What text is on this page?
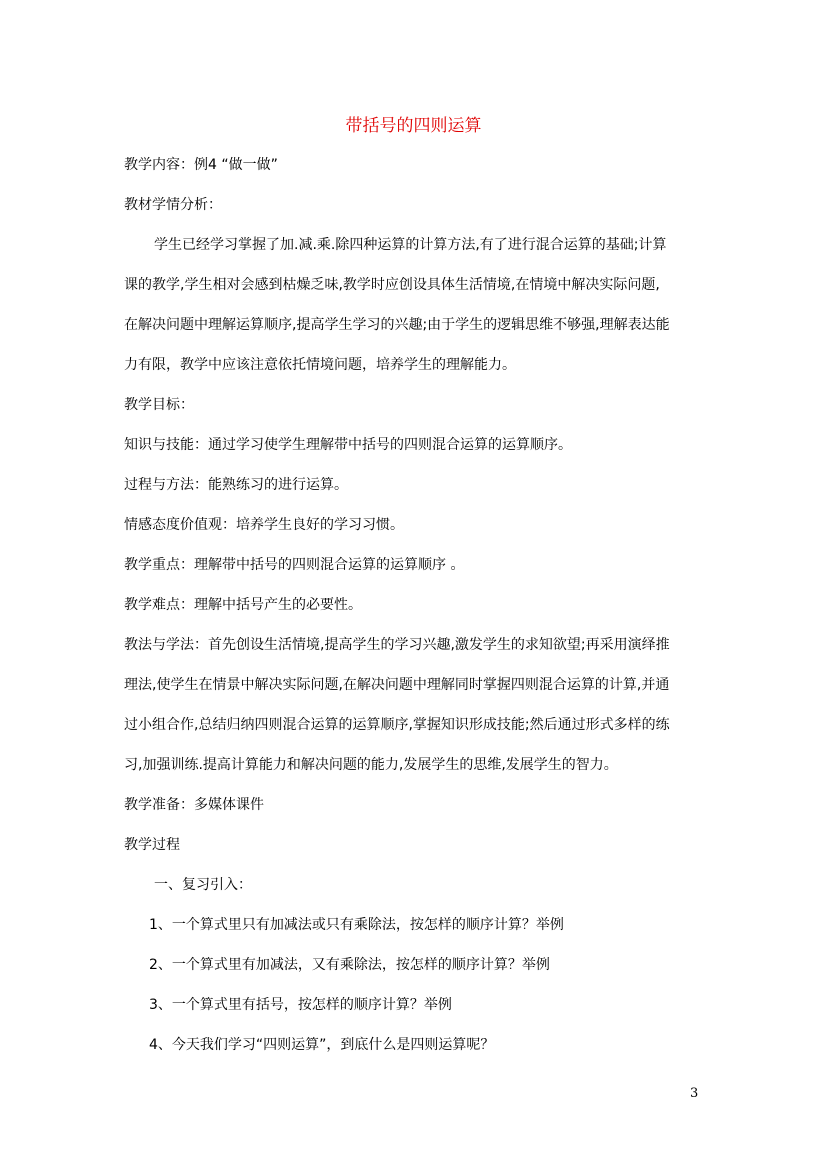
带括号的四则运算
教学内容：例4 “做一做”
教材学情分析：
学生已经学习掌握了加.减.乘.除四种运算的计算方法,有了进行混合运算的基础;计算
课的教学,学生相对会感到枯燥乏味,教学时应创设具体生活情境,在情境中解决实际问题,
在解决问题中理解运算顺序,提高学生学习的兴趣;由于学生的逻辑思维不够强,理解表达能
力有限，教学中应该注意依托情境问题，培养学生的理解能力。
教学目标：
知识与技能：通过学习使学生理解带中括号的四则混合运算的运算顺序。
过程与方法：能熟练习的进行运算。
情感态度价值观：培养学生良好的学习习惯。
教学重点：理解带中括号的四则混合运算的运算顺序 。
教学难点：理解中括号产生的必要性。
教法与学法：首先创设生活情境,提高学生的学习兴趣,激发学生的求知欲望;再采用演绎推
理法,使学生在情景中解决实际问题,在解决问题中理解同时掌握四则混合运算的计算,并通
过小组合作,总结归纳四则混合运算的运算顺序,掌握知识形成技能;然后通过形式多样的练
习,加强训练.提高计算能力和解决问题的能力,发展学生的思维,发展学生的智力。
教学准备：多媒体课件
教学过程
一、复习引入：
1、一个算式里只有加减法或只有乘除法，按怎样的顺序计算？举例
2、一个算式里有加减法，又有乘除法，按怎样的顺序计算？举例
3、一个算式里有括号，按怎样的顺序计算？举例
4、今天我们学习“四则运算”，到底什么是四则运算呢？
3
